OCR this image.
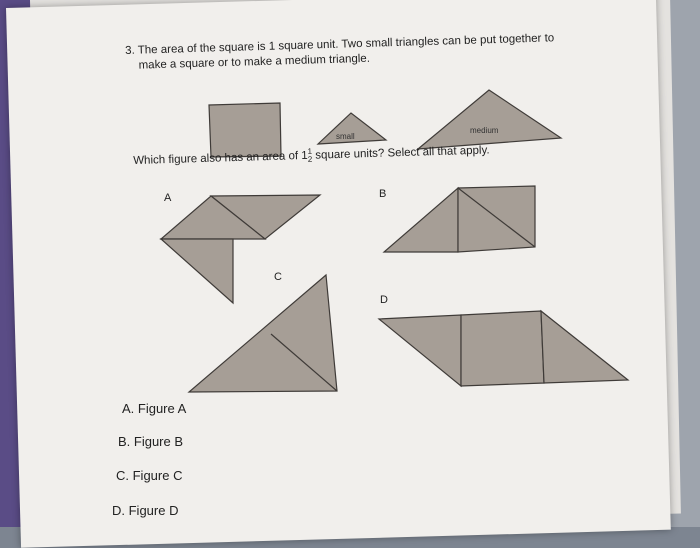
3. The area of the square is 1 square unit. Two small triangles can be put together to
make a square or to make a medium triangle.
small
medium
Which figure also has an area of 1 1
2 square units? Select all that apply.
A	B
C
D
A. Figure A
B. Figure B
C. Figure C
D. Figure D
